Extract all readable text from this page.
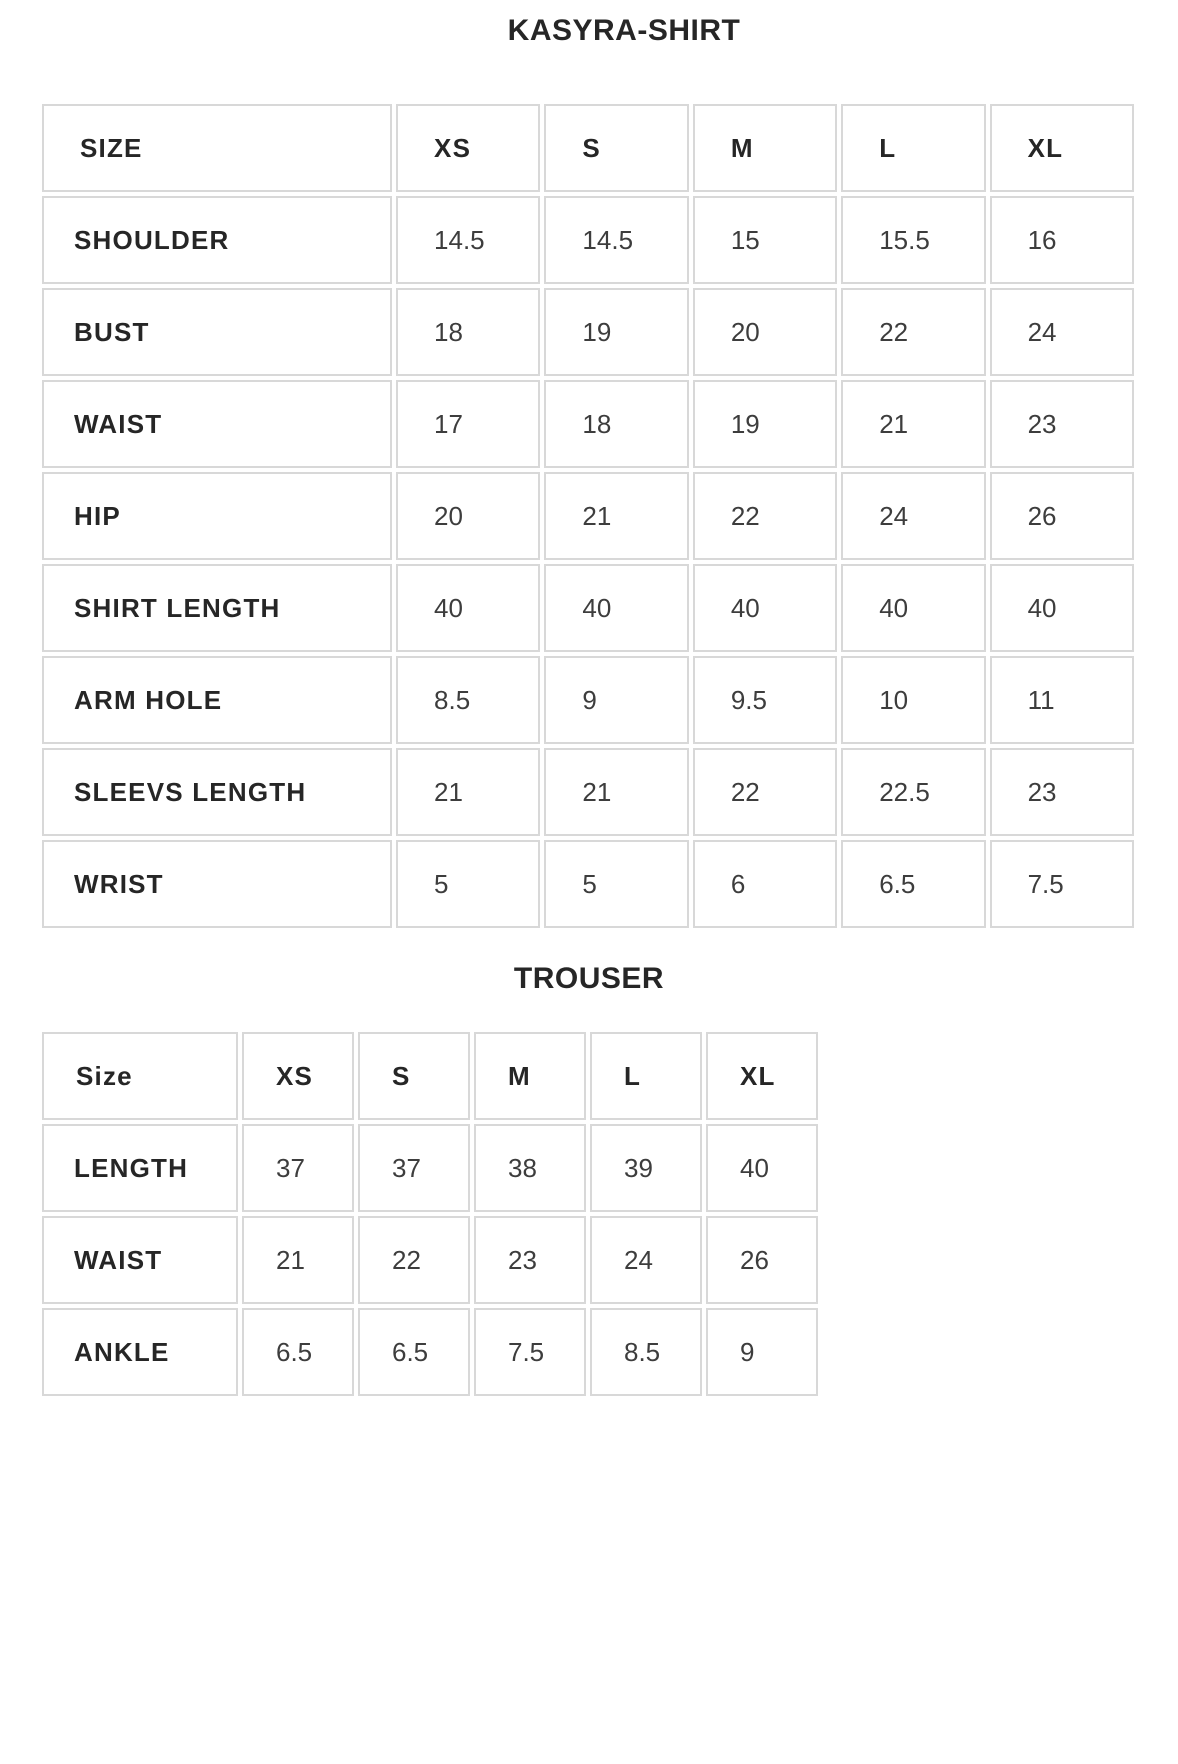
KASYRA-SHIRT
SIZE	XS	S	M	L	XL
SHOULDER	14.5	14.5	15	15.5	16
BUST	18	19	20	22	24
WAIST	17	18	19	21	23
HIP	20	21	22	24	26
SHIRT LENGTH	40	40	40	40	40
ARM HOLE	8.5	9	9.5	10	11
SLEEVS LENGTH	21	21	22	22.5	23
WRIST	5	5	6	6.5	7.5
TROUSER
Size	XS	S	M	L	XL
LENGTH	37	37	38	39	40
WAIST	21	22	23	24	26
ANKLE	6.5	6.5	7.5	8.5	9
